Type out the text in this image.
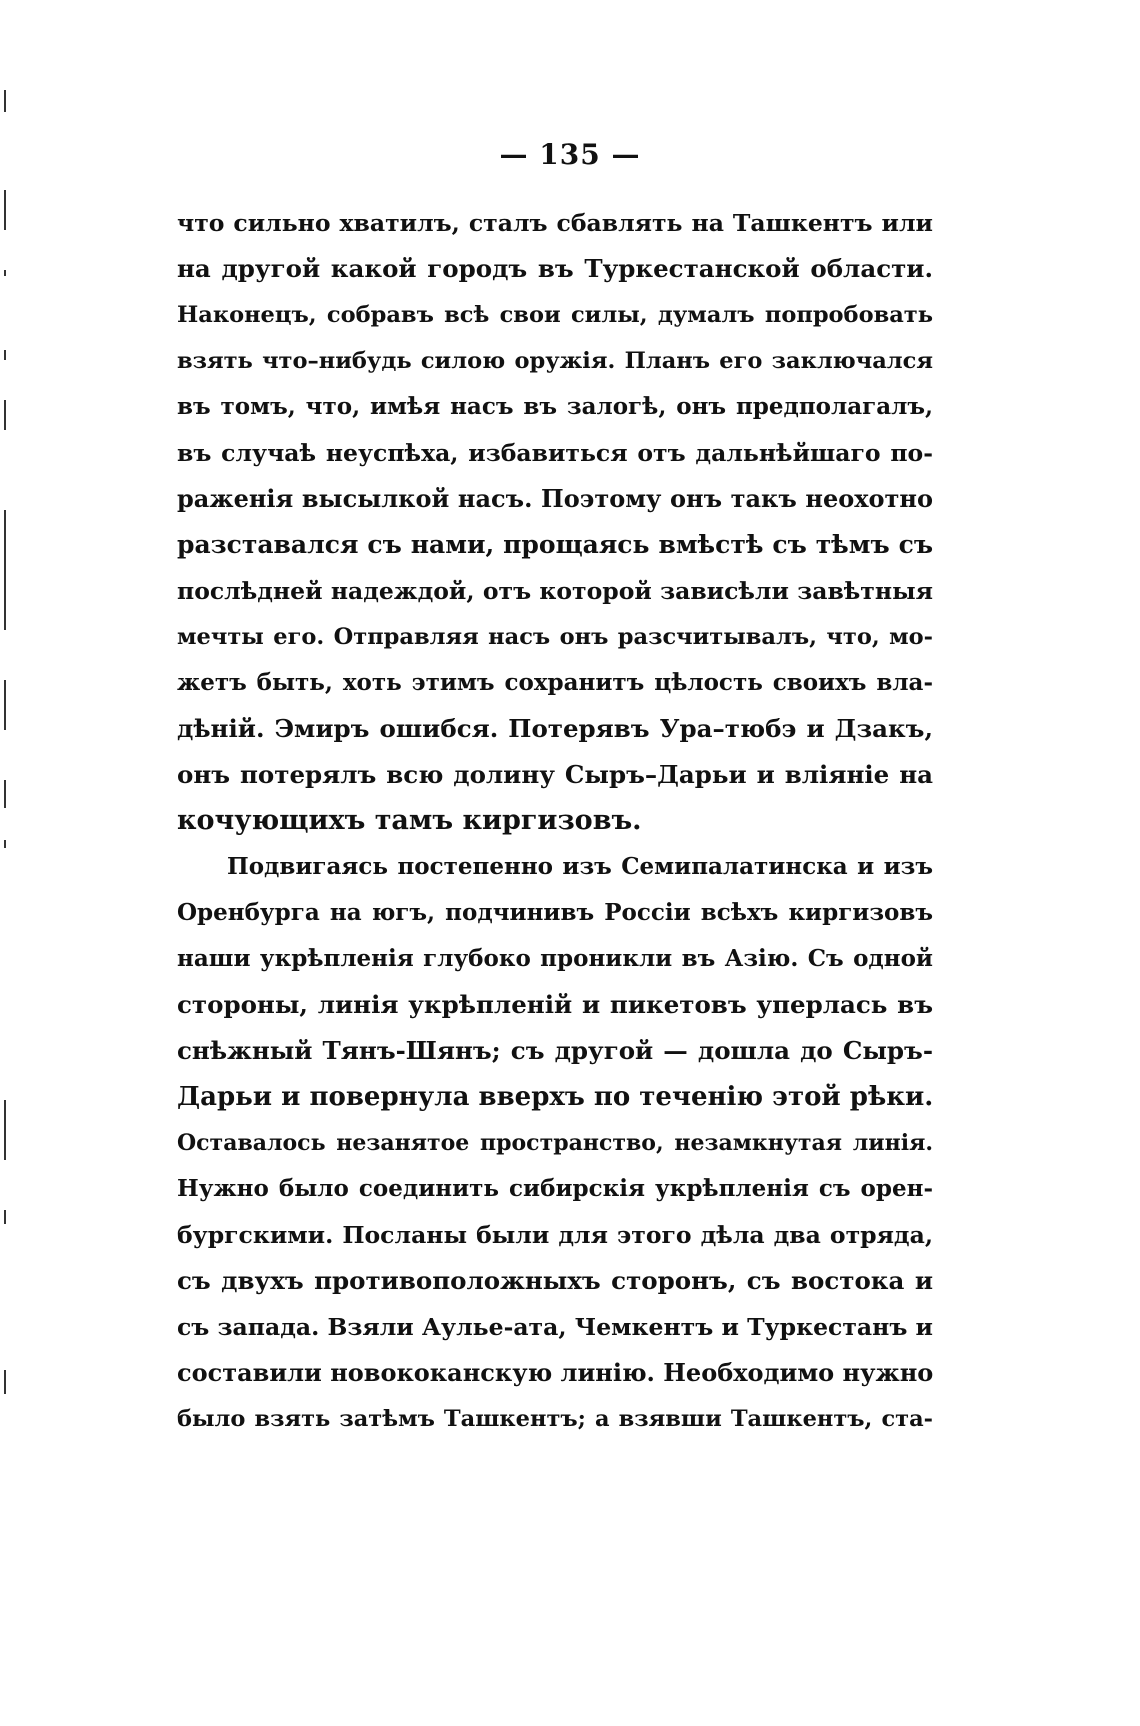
— 135 —
что сильно хватилъ, сталъ сбавлять на Ташкентъ или
на другой какой городъ въ Туркестанской области.
Наконецъ, собравъ всѣ свои силы, думалъ попробовать
взять что–нибудь силою оружія. Планъ его заключался
въ томъ, что, имѣя насъ въ залогѣ, онъ предполагалъ,
въ случаѣ неуспѣха, избавиться отъ дальнѣйшаго по-
раженія высылкой насъ. Поэтому онъ такъ неохотно
разставался съ нами, прощаясь вмѣстѣ съ тѣмъ съ
послѣдней надеждой, отъ которой зависѣли завѣтныя
мечты его. Отправляя насъ онъ разсчитывалъ, что, мо-
жетъ быть, хоть этимъ сохранитъ цѣлость своихъ вла-
дѣній. Эмиръ ошибся. Потерявъ Ура–тюбэ и Дзакъ,
онъ потерялъ всю долину Сыръ–Дарьи и вліяніе на
кочующихъ тамъ киргизовъ.
Подвигаясь постепенно изъ Семипалатинска и изъ
Оренбурга на югъ, подчинивъ Россіи всѣхъ киргизовъ
наши укрѣпленія глубоко проникли въ Азію. Съ одной
стороны, линія укрѣпленій и пикетовъ уперлась въ
снѣжный Тянъ-Шянъ; съ другой — дошла до Сыръ-
Дарьи и повернула вверхъ по теченію этой рѣки.
Оставалось незанятое пространство, незамкнутая линія.
Нужно было соединить сибирскія укрѣпленія съ орен-
бургскими. Посланы были для этого дѣла два отряда,
съ двухъ противоположныхъ сторонъ, съ востока и
съ запада. Взяли Аулье-ата, Чемкентъ и Туркестанъ и
составили новококанскую линію. Необходимо нужно
было взять затѣмъ Ташкентъ; а взявши Ташкентъ, ста-
